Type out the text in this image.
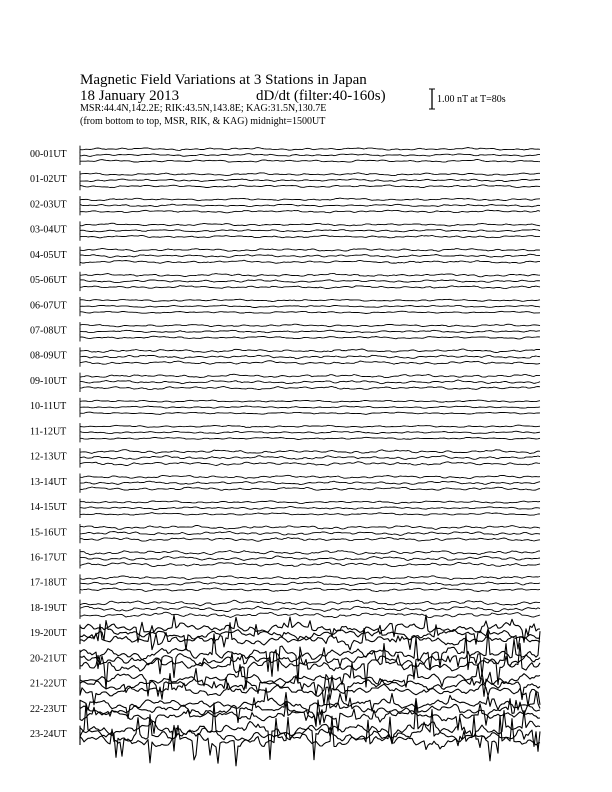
Magnetic Field Variations at 3 Stations in Japan
18 January 2013	dD/dt (filter:40-160s)
MSR:44.4N,142.2E; RIK:43.5N,143.8E; KAG:31.5N,130.7E
(from bottom to top, MSR, RIK, & KAG) midnight=1500UT
1.00 nT at T=80s
00-01UT
01-02UT
02-03UT
03-04UT
04-05UT
05-06UT
06-07UT
07-08UT
08-09UT
09-10UT
10-11UT
11-12UT
12-13UT
13-14UT
14-15UT
15-16UT
16-17UT
17-18UT
18-19UT
19-20UT
20-21UT
21-22UT
22-23UT
23-24UT
